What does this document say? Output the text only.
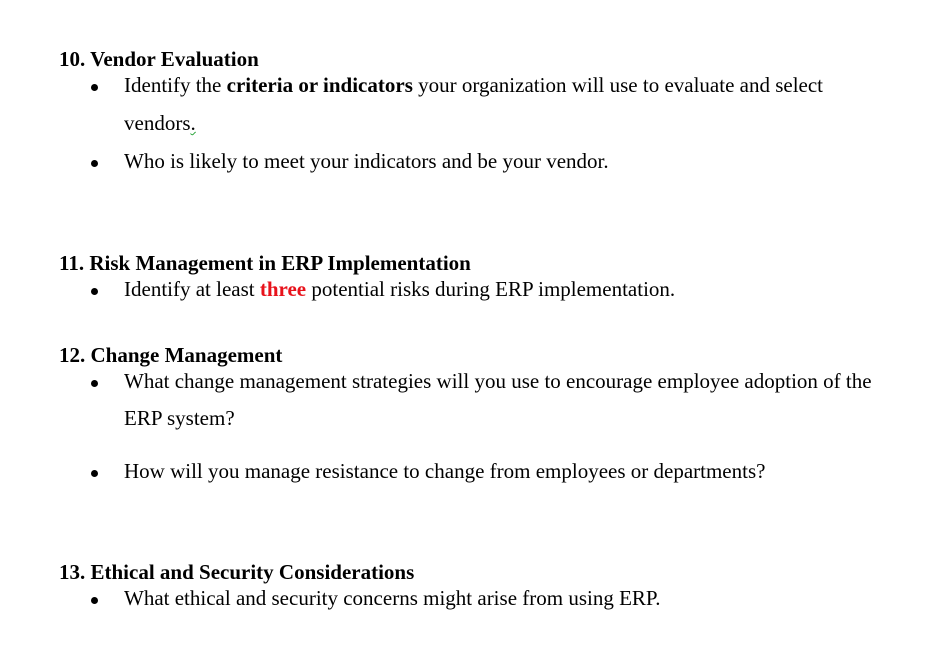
10. Vendor Evaluation
Identify the criteria or indicators your organization will use to evaluate and select
vendors.
Who is likely to meet your indicators and be your vendor.
11. Risk Management in ERP Implementation
Identify at least three potential risks during ERP implementation.
12. Change Management
What change management strategies will you use to encourage employee adoption of the
ERP system?
How will you manage resistance to change from employees or departments?
13. Ethical and Security Considerations
What ethical and security concerns might arise from using ERP.
